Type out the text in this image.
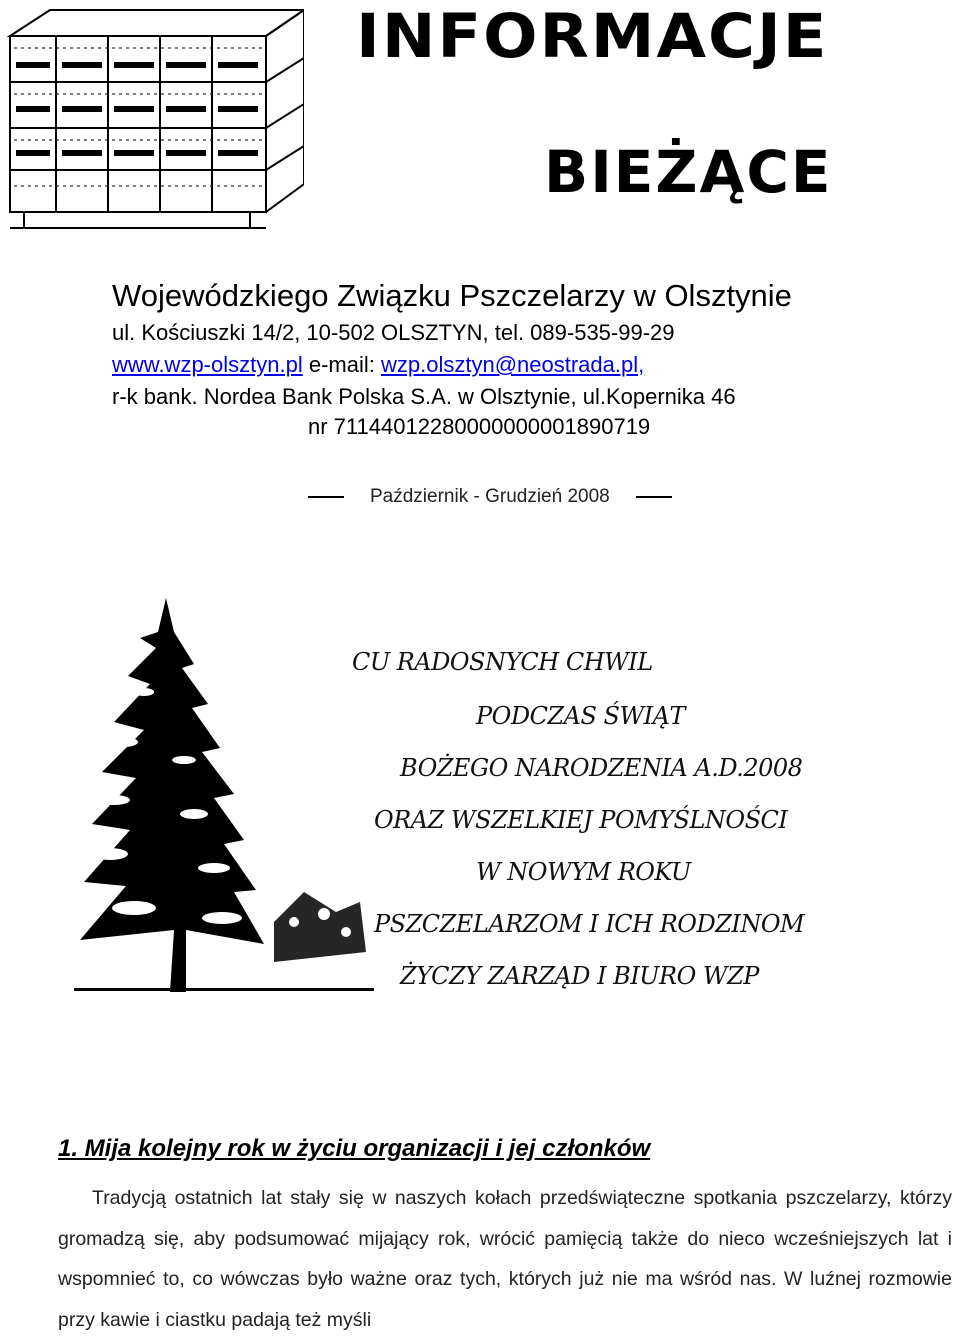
INFORMACJE
BIEŻĄCE
Wojewódzkiego Związku Pszczelarzy w Olsztynie
ul. Kościuszki 14/2, 10-502 OLSZTYN, tel. 089-535-99-29
www.wzp-olsztyn.pl e-mail: wzp.olsztyn@neostrada.pl,
r-k bank. Nordea Bank Polska S.A. w Olsztynie, ul.Kopernika 46
nr 71144012280000000001890719
Październik - Grudzień 2008
CU RADOSNYCH CHWIL
PODCZAS ŚWIĄT
BOŻEGO NARODZENIA A.D.2008
ORAZ WSZELKIEJ POMYŚLNOŚCI
W NOWYM ROKU
PSZCZELARZOM I ICH RODZINOM
ŻYCZY ZARZĄD I BIURO WZP
1. Mija kolejny rok w życiu organizacji i jej członków
Tradycją ostatnich lat stały się w naszych kołach przedświąteczne spotkania pszczelarzy, którzy gromadzą się, aby podsumować mijający rok, wrócić pamięcią także do nieco wcześniejszych lat i wspomnieć to, co wówczas było ważne oraz tych, których już nie ma wśród nas. W luźnej rozmowie przy kawie i ciastku padają też myśli
